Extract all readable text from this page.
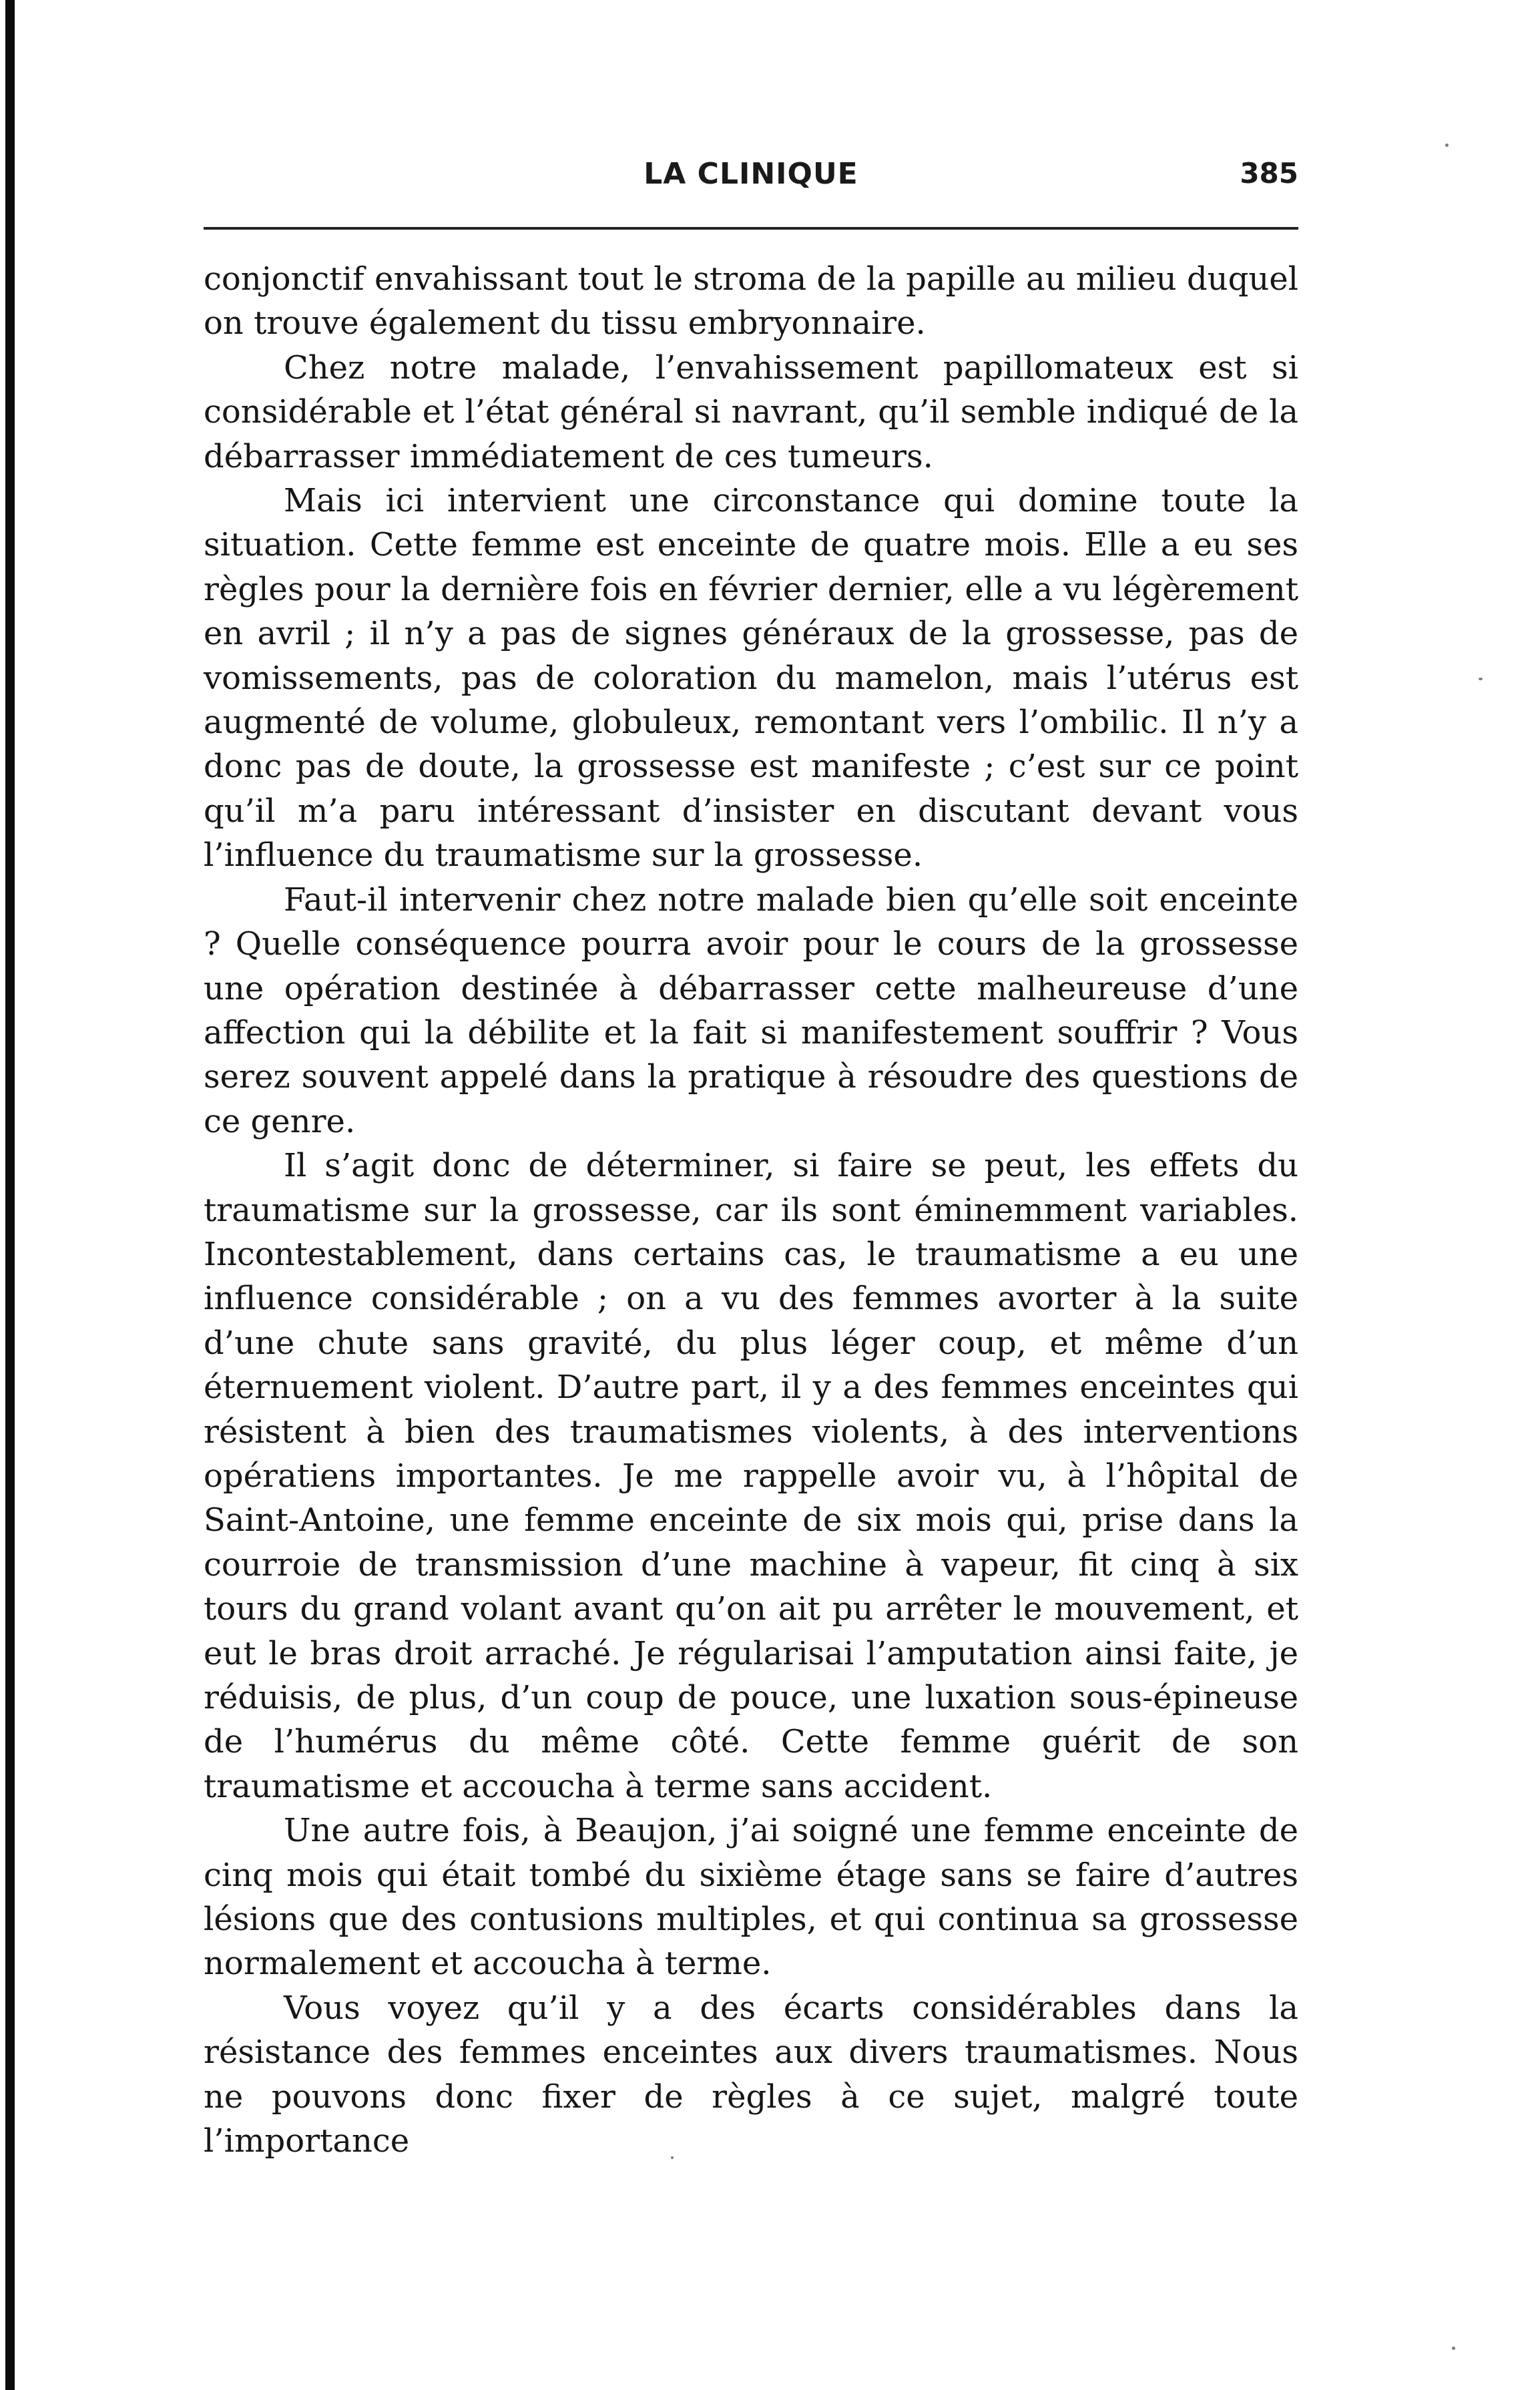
LA CLINIQUE	385

conjonctif envahissant tout le stroma de la papille au milieu duquel on trouve également du tissu embryonnaire.

Chez notre malade, l’envahissement papillomateux est si considérable et l’état général si navrant, qu’il semble indiqué de la débarrasser immédiatement de ces tumeurs.

Mais ici intervient une circonstance qui domine toute la situation. Cette femme est enceinte de quatre mois. Elle a eu ses règles pour la dernière fois en février dernier, elle a vu légèrement en avril ; il n’y a pas de signes généraux de la grossesse, pas de vomissements, pas de coloration du mamelon, mais l’utérus est augmenté de volume, globuleux, remontant vers l’ombilic. Il n’y a donc pas de doute, la grossesse est manifeste ; c’est sur ce point qu’il m’a paru intéressant d’insister en discutant devant vous l’influence du traumatisme sur la grossesse.

Faut-il intervenir chez notre malade bien qu’elle soit enceinte ? Quelle conséquence pourra avoir pour le cours de la grossesse une opération destinée à débarrasser cette malheureuse d’une affection qui la débilite et la fait si manifestement souffrir ? Vous serez souvent appelé dans la pratique à résoudre des questions de ce genre.

Il s’agit donc de déterminer, si faire se peut, les effets du traumatisme sur la grossesse, car ils sont éminemment variables. Incontestablement, dans certains cas, le traumatisme a eu une influence considérable ; on a vu des femmes avorter à la suite d’une chute sans gravité, du plus léger coup, et même d’un éternuement violent. D’autre part, il y a des femmes enceintes qui résistent à bien des traumatismes violents, à des interventions opératiens importantes. Je me rappelle avoir vu, à l’hôpital de Saint-Antoine, une femme enceinte de six mois qui, prise dans la courroie de transmission d’une machine à vapeur, fit cinq à six tours du grand volant avant qu’on ait pu arrêter le mouvement, et eut le bras droit arraché. Je régularisai l’amputation ainsi faite, je réduisis, de plus, d’un coup de pouce, une luxation sous-épineuse de l’humérus du même côté. Cette femme guérit de son traumatisme et accoucha à terme sans accident.

Une autre fois, à Beaujon, j’ai soigné une femme enceinte de cinq mois qui était tombé du sixième étage sans se faire d’autres lésions que des contusions multiples, et qui continua sa grossesse normalement et accoucha à terme.

Vous voyez qu’il y a des écarts considérables dans la résistance des femmes enceintes aux divers traumatismes. Nous ne pouvons donc fixer de règles à ce sujet, malgré toute l’importance
